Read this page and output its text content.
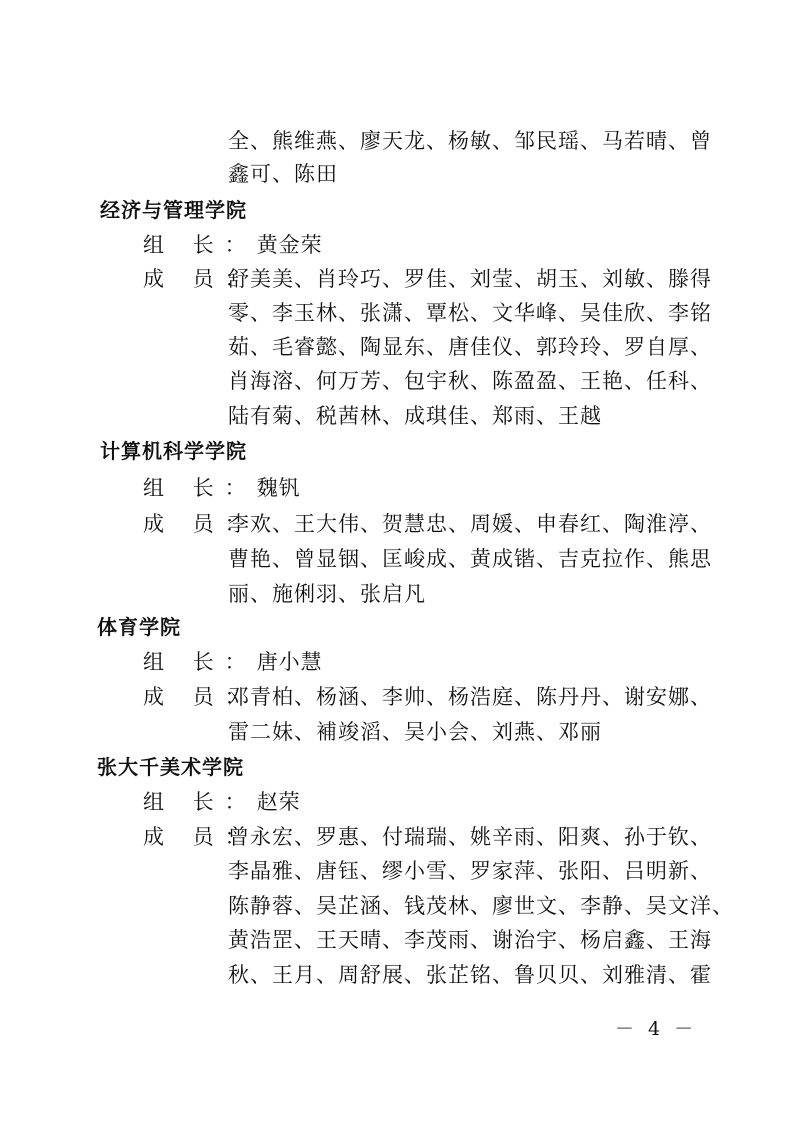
全、熊维燕、廖天龙、杨敏、邹民瑶、马若晴、曾
鑫可、陈田
经济与管理学院
组 长：黄金荣
成 员：
舒美美、肖玲巧、罗佳、刘莹、胡玉、刘敏、滕得
零、李玉林、张潇、覃松、文华峰、吴佳欣、李铭
茹、毛睿懿、陶显东、唐佳仪、郭玲玲、罗自厚、
肖海溶、何万芳、包宇秋、陈盈盈、王艳、任科、
陆有菊、税茜林、成琪佳、郑雨、王越
计算机科学学院
组 长：魏钒
成 员：
李欢、王大伟、贺慧忠、周媛、申春红、陶淮渟、
曹艳、曾显铟、匡峻成、黄成锴、吉克拉作、熊思
丽、施俐羽、张启凡
体育学院
组 长：唐小慧
成 员：
邓青柏、杨涵、李帅、杨浩庭、陈丹丹、谢安娜、
雷二妹、補竣滔、吴小会、刘燕、邓丽
张大千美术学院
组 长：赵荣
成 员：
曾永宏、罗惠、付瑞瑞、姚辛雨、阳爽、孙于钦、
李晶雅、唐钰、缪小雪、罗家萍、张阳、吕明新、
陈静蓉、吴芷涵、钱茂林、廖世文、李静、吴文洋、
黄浩罡、王天晴、李茂雨、谢治宇、杨启鑫、王海
秋、王月、周舒展、张芷铭、鲁贝贝、刘雅清、霍
－ 4 －
